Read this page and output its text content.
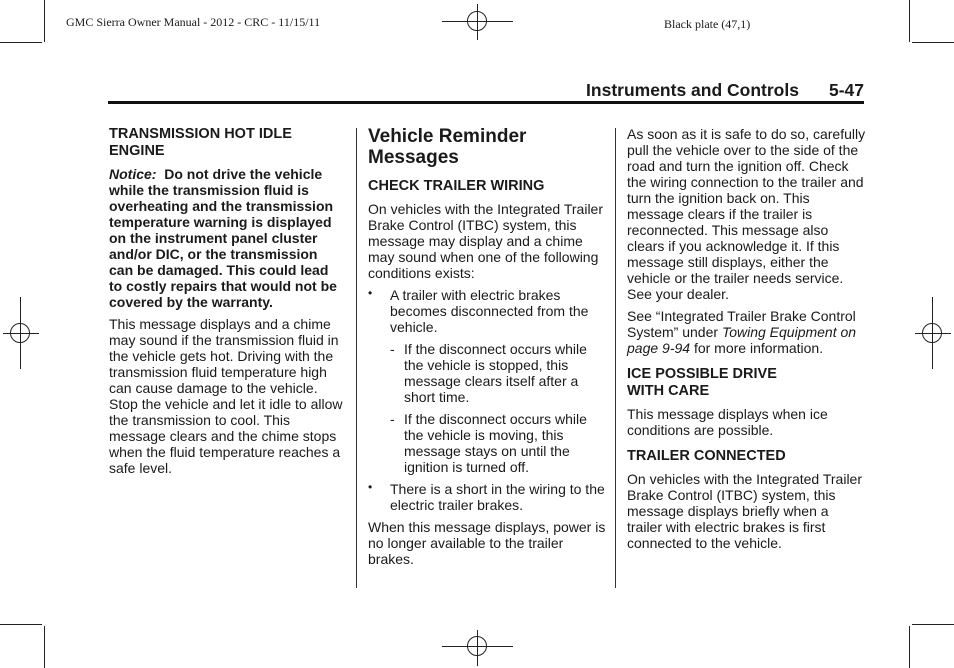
GMC Sierra Owner Manual - 2012 - CRC - 11/15/11	Black plate (47,1)
Instruments and Controls 5-47
TRANSMISSION HOT IDLE ENGINE

Notice: Do not drive the vehicle while the transmission fluid is overheating and the transmission temperature warning is displayed on the instrument panel cluster and/or DIC, or the transmission can be damaged. This could lead to costly repairs that would not be covered by the warranty.

This message displays and a chime may sound if the transmission fluid in the vehicle gets hot. Driving with the transmission fluid temperature high can cause damage to the vehicle. Stop the vehicle and let it idle to allow the transmission to cool. This message clears and the chime stops when the fluid temperature reaches a safe level.

Vehicle Reminder Messages
CHECK TRAILER WIRING

On vehicles with the Integrated Trailer Brake Control (ITBC) system, this message may display and a chime may sound when one of the following conditions exists:

• A trailer with electric brakes becomes disconnected from the vehicle.
- If the disconnect occurs while the vehicle is stopped, this message clears itself after a short time.
- If the disconnect occurs while the vehicle is moving, this message stays on until the ignition is turned off.
• There is a short in the wiring to the electric trailer brakes.

When this message displays, power is no longer available to the trailer brakes.

As soon as it is safe to do so, carefully pull the vehicle over to the side of the road and turn the ignition off. Check the wiring connection to the trailer and turn the ignition back on. This message clears if the trailer is reconnected. This message also clears if you acknowledge it. If this message still displays, either the vehicle or the trailer needs service. See your dealer.

See “Integrated Trailer Brake Control System” under Towing Equipment on page 9-94 for more information.

ICE POSSIBLE DRIVE WITH CARE

This message displays when ice conditions are possible.

TRAILER CONNECTED

On vehicles with the Integrated Trailer Brake Control (ITBC) system, this message displays briefly when a trailer with electric brakes is first connected to the vehicle.
